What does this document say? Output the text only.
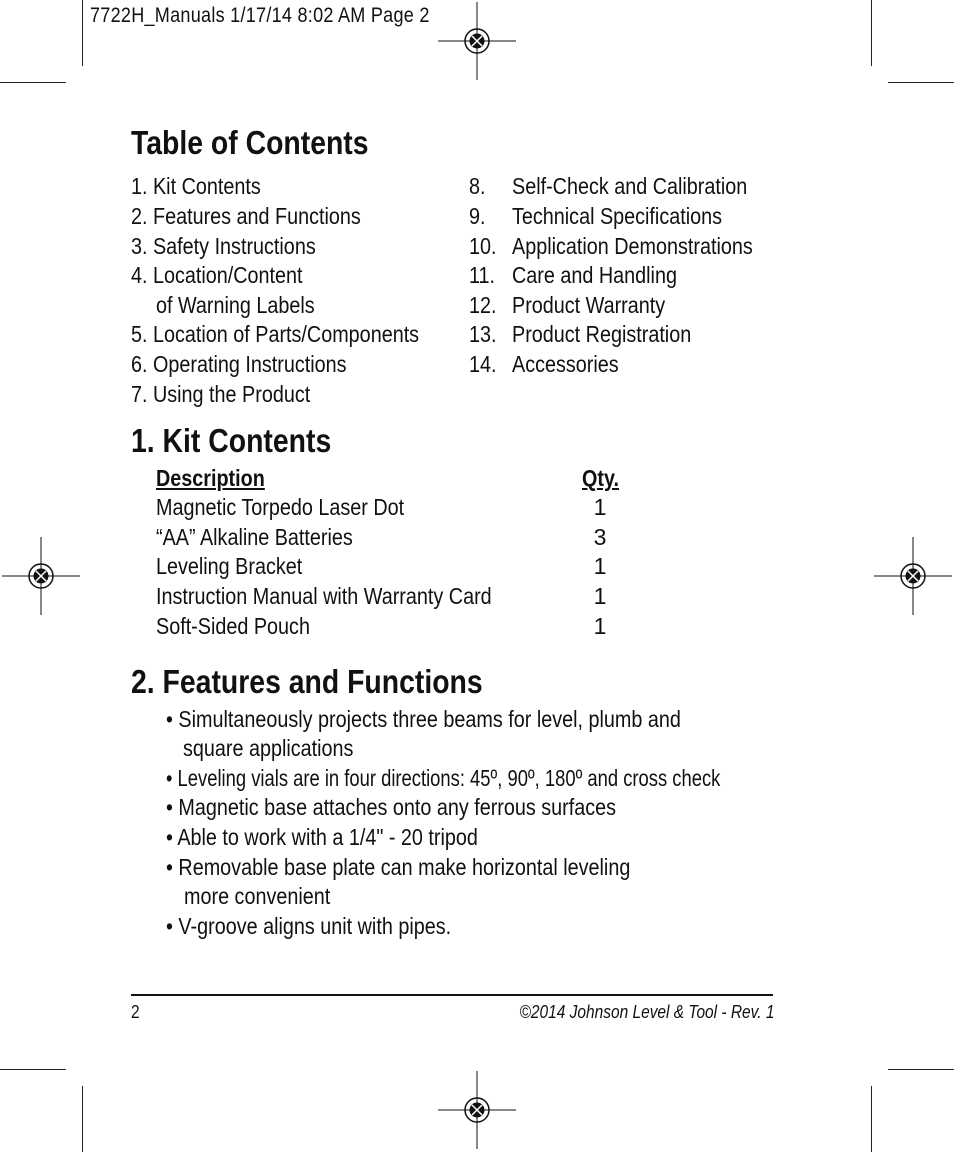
7722H_Manuals 1/17/14 8:02 AM Page 2
Table of Contents
1. Kit Contents
2. Features and Functions
3. Safety Instructions
4. Location/Content
of Warning Labels
5. Location of Parts/Components
6. Operating Instructions
7. Using the Product
8. Self-Check and Calibration
9. Technical Specifications
10. Application Demonstrations
11. Care and Handling
12. Product Warranty
13. Product Registration
14. Accessories
1. Kit Contents
Description	Qty.
Magnetic Torpedo Laser Dot	1
“AA” Alkaline Batteries	3
Leveling Bracket	1
Instruction Manual with Warranty Card	1
Soft-Sided Pouch	1
2. Features and Functions
• Simultaneously projects three beams for level, plumb and
square applications
• Leveling vials are in four directions: 45º, 90º, 180º and cross check
• Magnetic base attaches onto any ferrous surfaces
• Able to work with a 1/4" - 20 tripod
• Removable base plate can make horizontal leveling
more convenient
• V-groove aligns unit with pipes.
2	©2014 Johnson Level & Tool - Rev. 1
